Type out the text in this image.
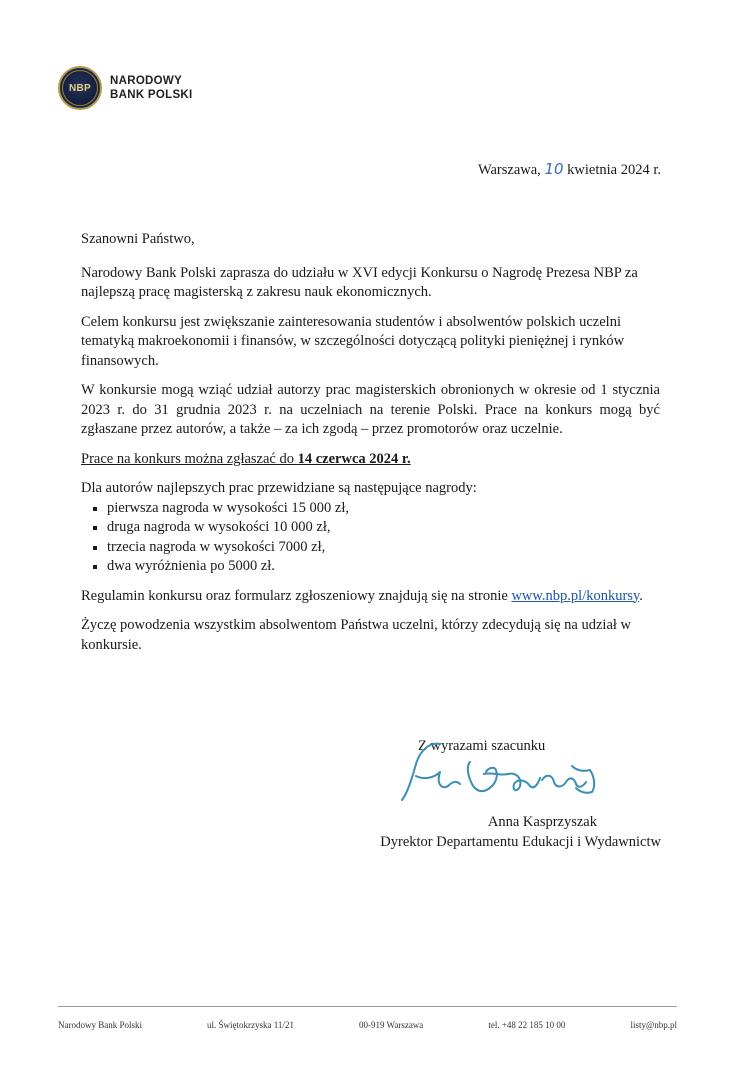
NBP
NARODOWY
BANK POLSKI
Warszawa, 10 kwietnia 2024 r.

Szanowni Państwo,

Narodowy Bank Polski zaprasza do udziału w XVI edycji Konkursu o Nagrodę Prezesa NBP za najlepszą pracę magisterską z zakresu nauk ekonomicznych.

Celem konkursu jest zwiększanie zainteresowania studentów i absolwentów polskich uczelni tematyką makroekonomii i finansów, w szczególności dotyczącą polityki pieniężnej i rynków finansowych.

W konkursie mogą wziąć udział autorzy prac magisterskich obronionych w okresie od 1 stycznia 2023 r. do 31 grudnia 2023 r. na uczelniach na terenie Polski. Prace na konkurs mogą być zgłaszane przez autorów, a także – za ich zgodą – przez promotorów oraz uczelnie.

Prace na konkurs można zgłaszać do 14 czerwca 2024 r.

Dla autorów najlepszych prac przewidziane są następujące nagrody:

pierwsza nagroda w wysokości 15 000 zł,
druga nagroda w wysokości 10 000 zł,
trzecia nagroda w wysokości 7000 zł,
dwa wyróżnienia po 5000 zł.

Regulamin konkursu oraz formularz zgłoszeniowy znajdują się na stronie www.nbp.pl/konkursy.

Życzę powodzenia wszystkim absolwentom Państwa uczelni, którzy zdecydują się na udział w konkursie.

Z wyrazami szacunku
Anna Kasprzyszak
Dyrektor Departamentu Edukacji i Wydawnictw
Narodowy Bank Polski	ul. Świętokrzyska 11/21	00-919 Warszawa	tel. +48 22 185 10 00	listy@nbp.pl
